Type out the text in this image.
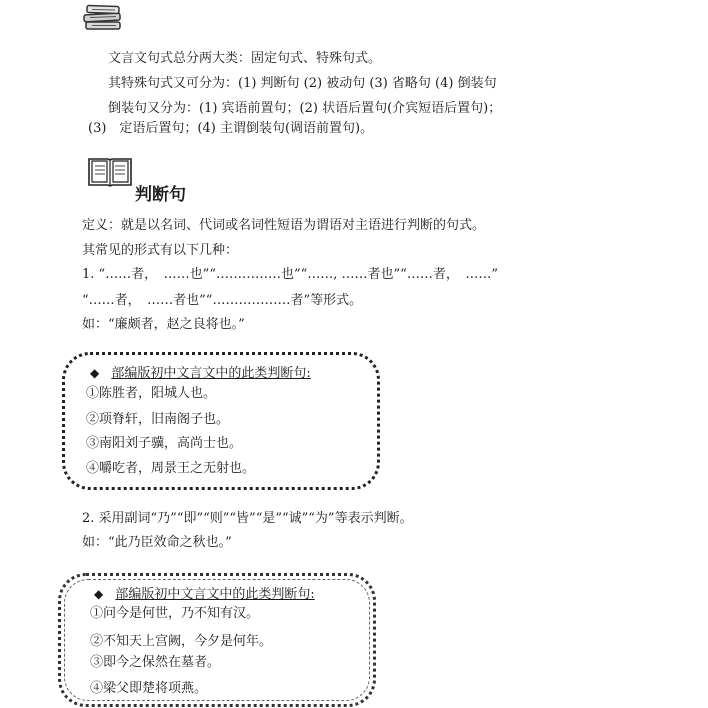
文言文句式总分两大类：固定句式、特殊句式。
其特殊句式又可分为：(1) 判断句 (2) 被动句 (3) 省略句 (4) 倒装句
倒装句又分为：(1) 宾语前置句；(2) 状语后置句(介宾短语后置句)；
(3)　定语后置句；(4) 主谓倒装句(调语前置句)。
判断句
定义：就是以名词、代词或名词性短语为谓语对主语进行判断的句式。
其常见的形式有以下几种：
1. “……者，　……也”“……………也”“……, ……者也”“……者，　……”
“……者，　……者也”“………………者”等形式。
如：“廉颇者，赵之良将也。”
◆ 部编版初中文言文中的此类判断句:
①陈胜者，阳城人也。
②项脊轩，旧南阁子也。
③南阳刘子骥，高尚士也。
④嚼吃者，周景王之无射也。
2. 采用副词“乃”“即”“则”“皆”“是”“诚”“为”等表示判断。
如：“此乃臣效命之秋也。”
◆ 部编版初中文言文中的此类判断句:
①问今是何世，乃不知有汉。
②不知天上宫阙，今夕是何年。
③即今之保然在墓者。
④梁父即楚将项燕。
